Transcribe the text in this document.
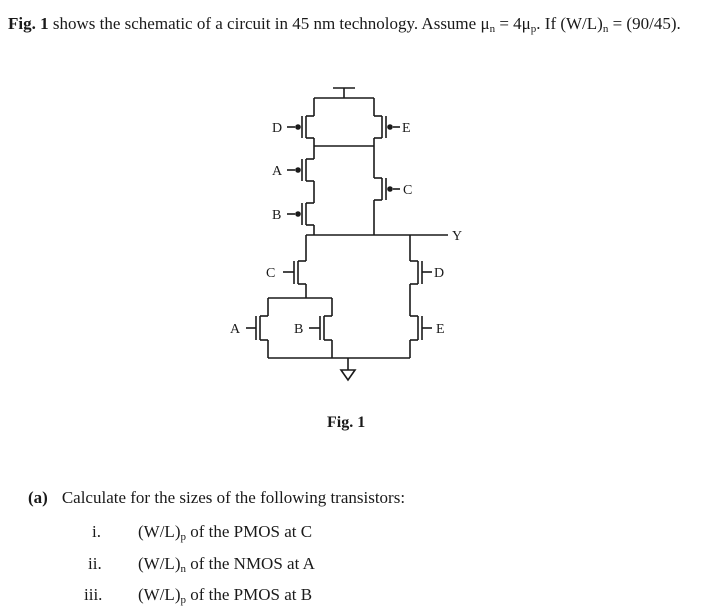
Fig. 1 shows the schematic of a circuit in 45 nm technology. Assume $\mu_n = 4\mu_p$. If $(W/L)_n = (90/45)$.
D	E
A
B
C
Y
C	D
A	B	E
Fig. 1
(a) Calculate for the sizes of the following transistors:
i. $(W/L)_p$ of the PMOS at C
ii. $(W/L)_n$ of the NMOS at A
iii. $(W/L)_p$ of the PMOS at B
